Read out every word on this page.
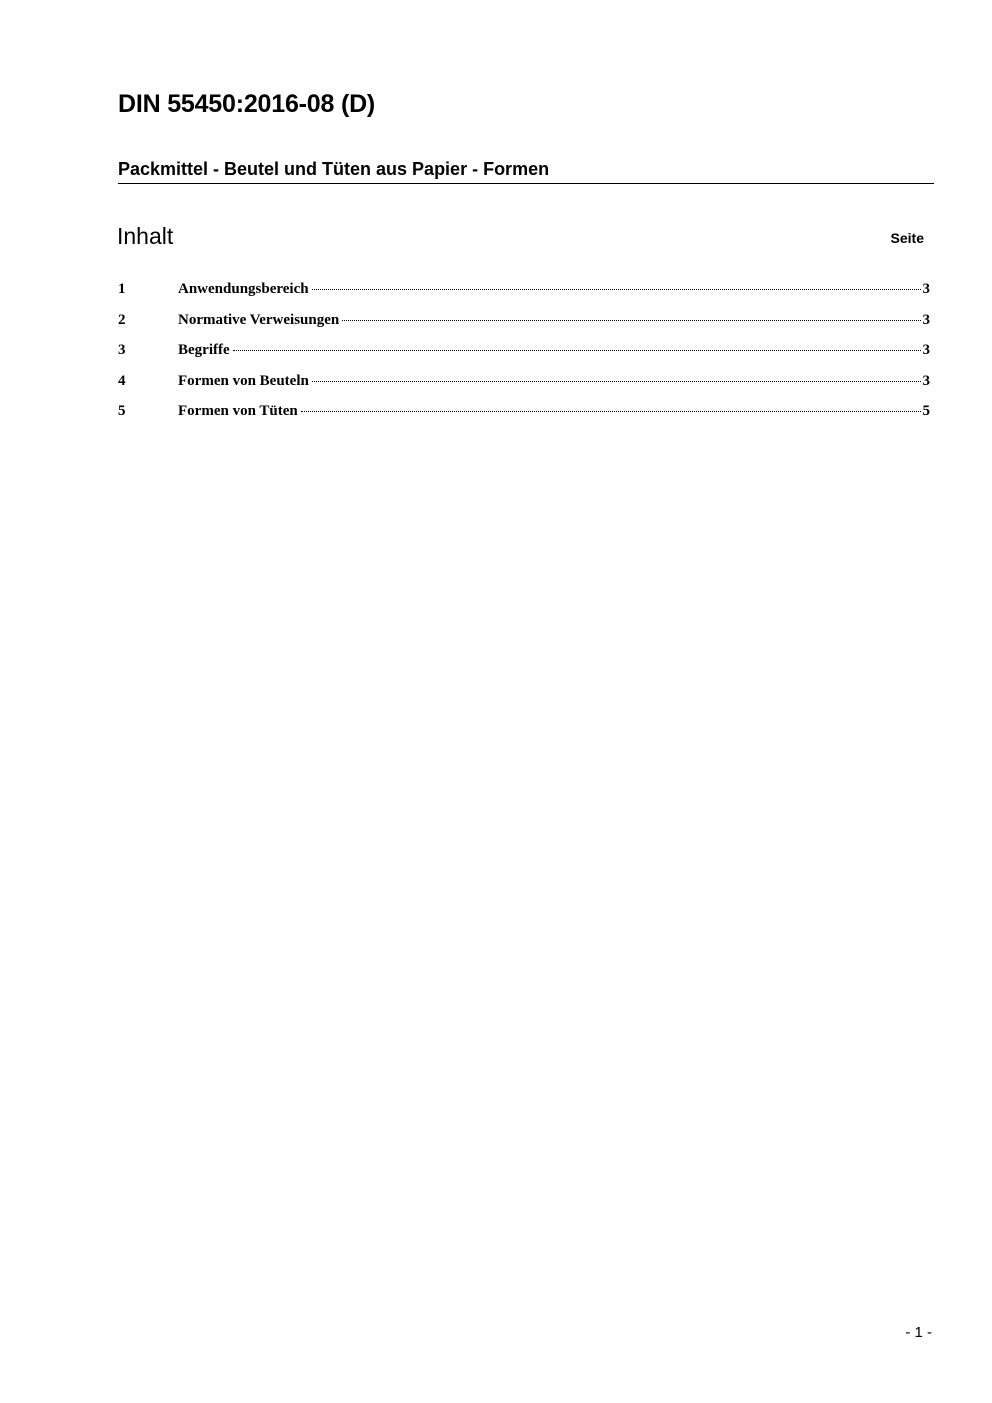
DIN 55450:2016-08 (D)
Packmittel - Beutel und Tüten aus Papier - Formen
Inhalt	Seite
1	Anwendungsbereich	3
2	Normative Verweisungen	3
3	Begriffe	3
4	Formen von Beuteln	3
5	Formen von Tüten	5
- 1 -
